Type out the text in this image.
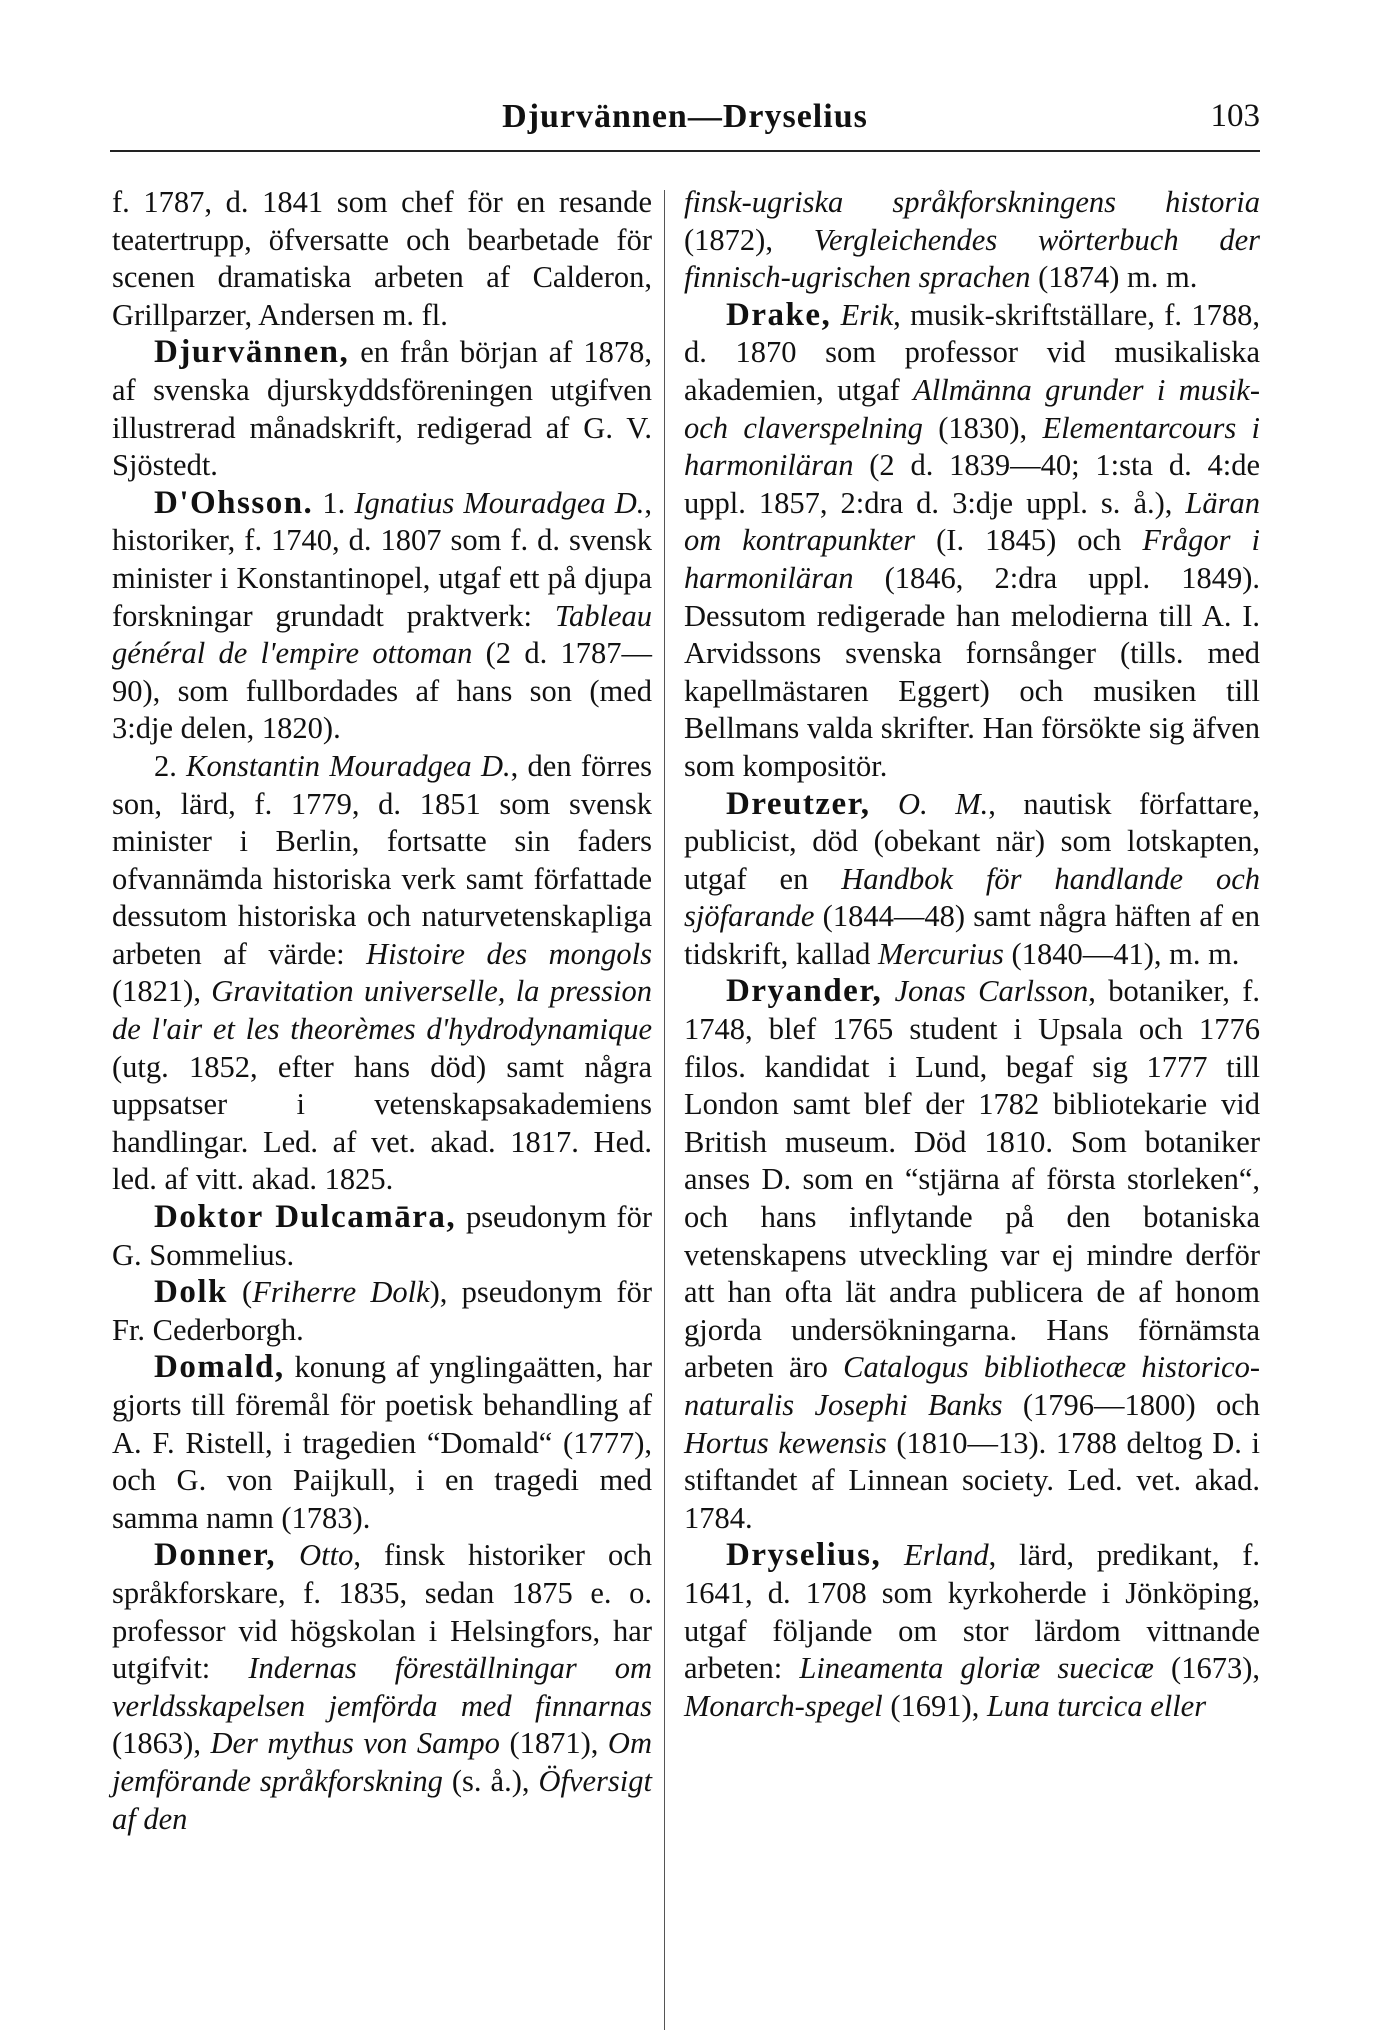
Djurvännen—Dryselius	103

f. 1787, d. 1841 som chef för en resande teatertrupp, öfversatte och bearbetade för scenen dramatiska arbeten af Calderon, Grillparzer, Andersen m. fl.

Djurvännen, en från början af 1878, af svenska djurskyddsföreningen utgifven illustrerad månadskrift, redigerad af G. V. Sjöstedt.

D'Ohsson. 1. Ignatius Mouradgea D., historiker, f. 1740, d. 1807 som f. d. svensk minister i Konstantinopel, utgaf ett på djupa forskningar grundadt praktverk: Tableau général de l'empire ottoman (2 d. 1787—90), som fullbordades af hans son (med 3:dje delen, 1820).

2. Konstantin Mouradgea D., den förres son, lärd, f. 1779, d. 1851 som svensk minister i Berlin, fortsatte sin faders ofvannämda historiska verk samt författade dessutom historiska och naturvetenskapliga arbeten af värde: Histoire des mongols (1821), Gravitation universelle, la pression de l'air et les theorèmes d'hydrodynamique (utg. 1852, efter hans död) samt några uppsatser i vetenskapsakademiens handlingar. Led. af vet. akad. 1817. Hed. led. af vitt. akad. 1825.

Doktor Dulcamāra, pseudonym för G. Sommelius.

Dolk (Friherre Dolk), pseudonym för Fr. Cederborgh.

Domald, konung af ynglingaätten, har gjorts till föremål för poetisk behandling af A. F. Ristell, i tragedien “Domald“ (1777), och G. von Paijkull, i en tragedi med samma namn (1783).

Donner, Otto, finsk historiker och språkforskare, f. 1835, sedan 1875 e. o. professor vid högskolan i Helsingfors, har utgifvit: Indernas föreställningar om verldsskapelsen jemförda med finnarnas (1863), Der mythus von Sampo (1871), Om jemförande språkforskning (s. å.), Öfversigt af den

finsk-ugriska språkforskningens historia (1872), Vergleichendes wörterbuch der finnisch-ugrischen sprachen (1874) m. m.

Drake, Erik, musik-skriftställare, f. 1788, d. 1870 som professor vid musikaliska akademien, utgaf Allmänna grunder i musik- och claverspelning (1830), Elementarcours i harmoniläran (2 d. 1839—40; 1:sta d. 4:de uppl. 1857, 2:dra d. 3:dje uppl. s. å.), Läran om kontrapunkter (I. 1845) och Frågor i harmoniläran (1846, 2:dra uppl. 1849). Dessutom redigerade han melodierna till A. I. Arvidssons svenska fornsånger (tills. med kapellmästaren Eggert) och musiken till Bellmans valda skrifter. Han försökte sig äfven som kompositör.

Dreutzer, O. M., nautisk författare, publicist, död (obekant när) som lotskapten, utgaf en Handbok för handlande och sjöfarande (1844—48) samt några häften af en tidskrift, kallad Mercurius (1840—41), m. m.

Dryander, Jonas Carlsson, botaniker, f. 1748, blef 1765 student i Upsala och 1776 filos. kandidat i Lund, begaf sig 1777 till London samt blef der 1782 bibliotekarie vid British museum. Död 1810. Som botaniker anses D. som en “stjärna af första storleken“, och hans inflytande på den botaniska vetenskapens utveckling var ej mindre derför att han ofta lät andra publicera de af honom gjorda undersökningarna. Hans förnämsta arbeten äro Catalogus bibliothecæ historico-naturalis Josephi Banks (1796—1800) och Hortus kewensis (1810—13). 1788 deltog D. i stiftandet af Linnean society. Led. vet. akad. 1784.

Dryselius, Erland, lärd, predikant, f. 1641, d. 1708 som kyrkoherde i Jönköping, utgaf följande om stor lärdom vittnande arbeten: Lineamenta gloriæ suecicæ (1673), Monarch-spegel (1691), Luna turcica eller
